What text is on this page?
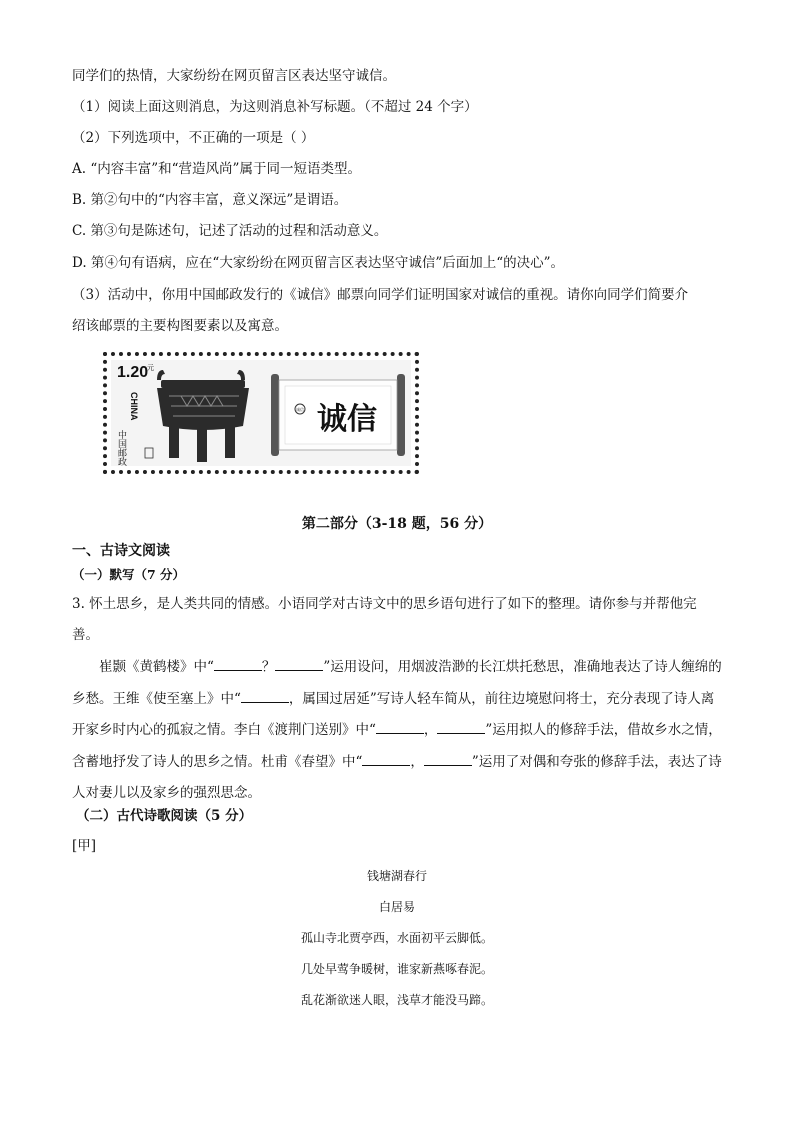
同学们的热情，大家纷纷在网页留言区表达坚守诚信。
（1）阅读上面这则消息，为这则消息补写标题。（不超过 24 个字）
（2）下列选项中，不正确的一项是（ ）
A. “内容丰富”和“营造风尚”属于同一短语类型。
B. 第②句中的“内容丰富，意义深远”是谓语。
C. 第③句是陈述句，记述了活动的过程和活动意义。
D. 第④句有语病，应在“大家纷纷在网页留言区表达坚守诚信”后面加上“的决心”。
（3）活动中，你用中国邮政发行的《诚信》邮票向同学们证明国家对诚信的重视。请你向同学们简要介
绍该邮票的主要构图要素以及寓意。
1.20
元
CHINA
中国邮政
诚信
诚信
第二部分（3-18 题，56 分）
一、古诗文阅读
（一）默写（7 分）
3. 怀土思乡，是人类共同的情感。小语同学对古诗文中的思乡语句进行了如下的整理。请你参与并帮他完
善。
崔颢《黄鹤楼》中“	？	”运用设问，用烟波浩渺的长江烘托愁思，准确地表达了诗人缠绵的乡愁。王维《使至塞上》中“	，属国过居延”写诗人轻车简从，前往边境慰问将士，充分表现了诗人离开家乡时内心的孤寂之情。李白《渡荆门送别》中“	，	”运用拟人的修辞手法，借故乡水之情，含蓄地抒发了诗人的思乡之情。杜甫《春望》中“	，	”运用了对偶和夸张的修辞手法，表达了诗人对妻儿以及家乡的强烈思念。
（二）古代诗歌阅读（5 分）
[甲]
钱塘湖春行
白居易
孤山寺北贾亭西，水面初平云脚低。
几处早莺争暖树，谁家新燕啄春泥。
乱花渐欲迷人眼，浅草才能没马蹄。
